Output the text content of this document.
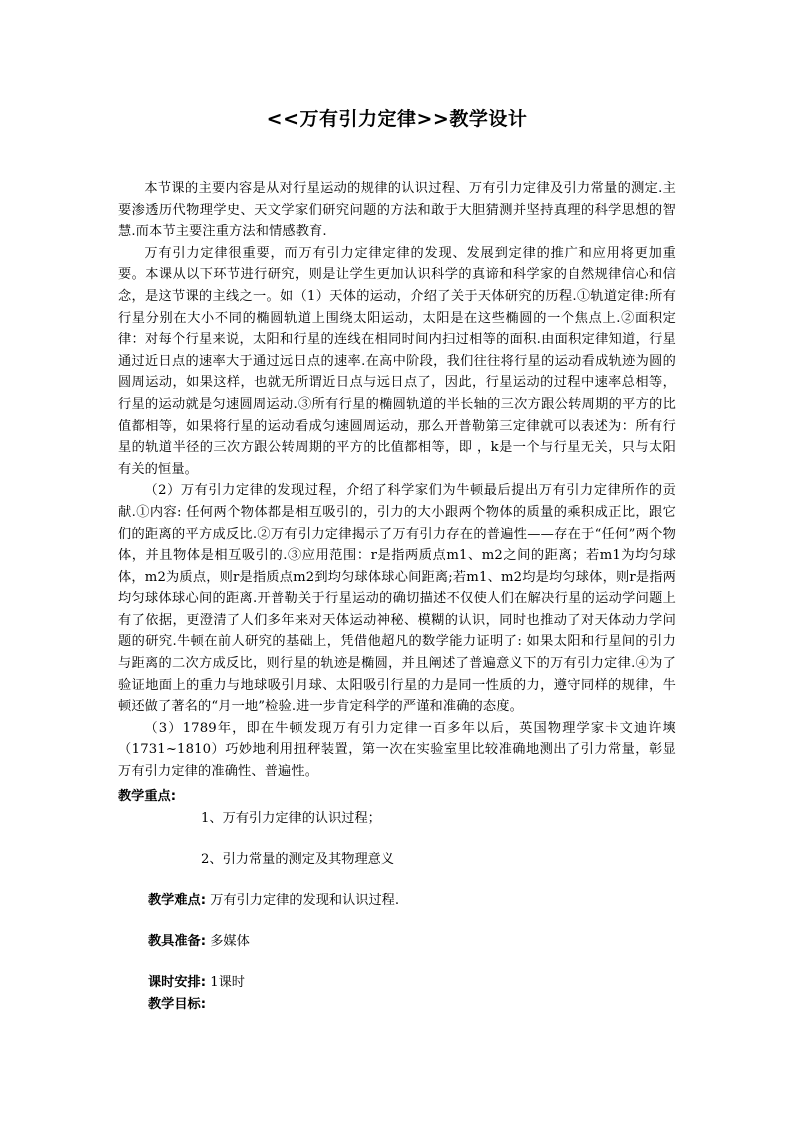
<<万有引力定律>>教学设计

本节课的主要内容是从对行星运动的规律的认识过程、万有引力定律及引力常量的测定.主要渗透历代物理学史、天文学家们研究问题的方法和敢于大胆猜测并坚持真理的科学思想的智慧.而本节主要注重方法和情感教育.

万有引力定律很重要，而万有引力定律定律的发现、发展到定律的推广和应用将更加重要。本课从以下环节进行研究，则是让学生更加认识科学的真谛和科学家的自然规律信心和信念，是这节课的主线之一。如（1）天体的运动，介绍了关于天体研究的历程.①轨道定律:所有行星分别在大小不同的椭圆轨道上围绕太阳运动，太阳是在这些椭圆的一个焦点上.②面积定律：对每个行星来说，太阳和行星的连线在相同时间内扫过相等的面积.由面积定律知道，行星通过近日点的速率大于通过远日点的速率.在高中阶段，我们往往将行星的运动看成轨迹为圆的圆周运动，如果这样，也就无所谓近日点与远日点了，因此，行星运动的过程中速率总相等，行星的运动就是匀速圆周运动.③所有行星的椭圆轨道的半长轴的三次方跟公转周期的平方的比值都相等，如果将行星的运动看成匀速圆周运动，那么开普勒第三定律就可以表述为：所有行星的轨道半径的三次方跟公转周期的平方的比值都相等，即 ，k是一个与行星无关，只与太阳有关的恒量。

（2）万有引力定律的发现过程，介绍了科学家们为牛顿最后提出万有引力定律所作的贡献.①内容: 任何两个物体都是相互吸引的，引力的大小跟两个物体的质量的乘积成正比，跟它们的距离的平方成反比.②万有引力定律揭示了万有引力存在的普遍性——存在于“任何”两个物体，并且物体是相互吸引的.③应用范围：r是指两质点m1、m2之间的距离；若m1为均匀球体，m2为质点，则r是指质点m2到均匀球体球心间距离;若m1、m2均是均匀球体，则r是指两均匀球体球心间的距离.开普勒关于行星运动的确切描述不仅使人们在解决行星的运动学问题上有了依据，更澄清了人们多年来对天体运动神秘、模糊的认识，同时也推动了对天体动力学问题的研究.牛顿在前人研究的基础上，凭借他超凡的数学能力证明了: 如果太阳和行星间的引力与距离的二次方成反比，则行星的轨迹是椭圆，并且阐述了普遍意义下的万有引力定律.④为了验证地面上的重力与地球吸引月球、太阳吸引行星的力是同一性质的力，遵守同样的规律，牛顿还做了著名的“月一地”检验.进一步肯定科学的严谨和准确的态度。

（3）1789年，即在牛顿发现万有引力定律一百多年以后，英国物理学家卡文迪许塽（1731~1810）巧妙地利用扭秤装置，第一次在实验室里比较准确地测出了引力常量，彰显万有引力定律的准确性、普遍性。

教学重点:
1、万有引力定律的认识过程；
2、引力常量的测定及其物理意义
教学难点: 万有引力定律的发现和认识过程.
教具准备: 多媒体
课时安排: 1课时
教学目标:
